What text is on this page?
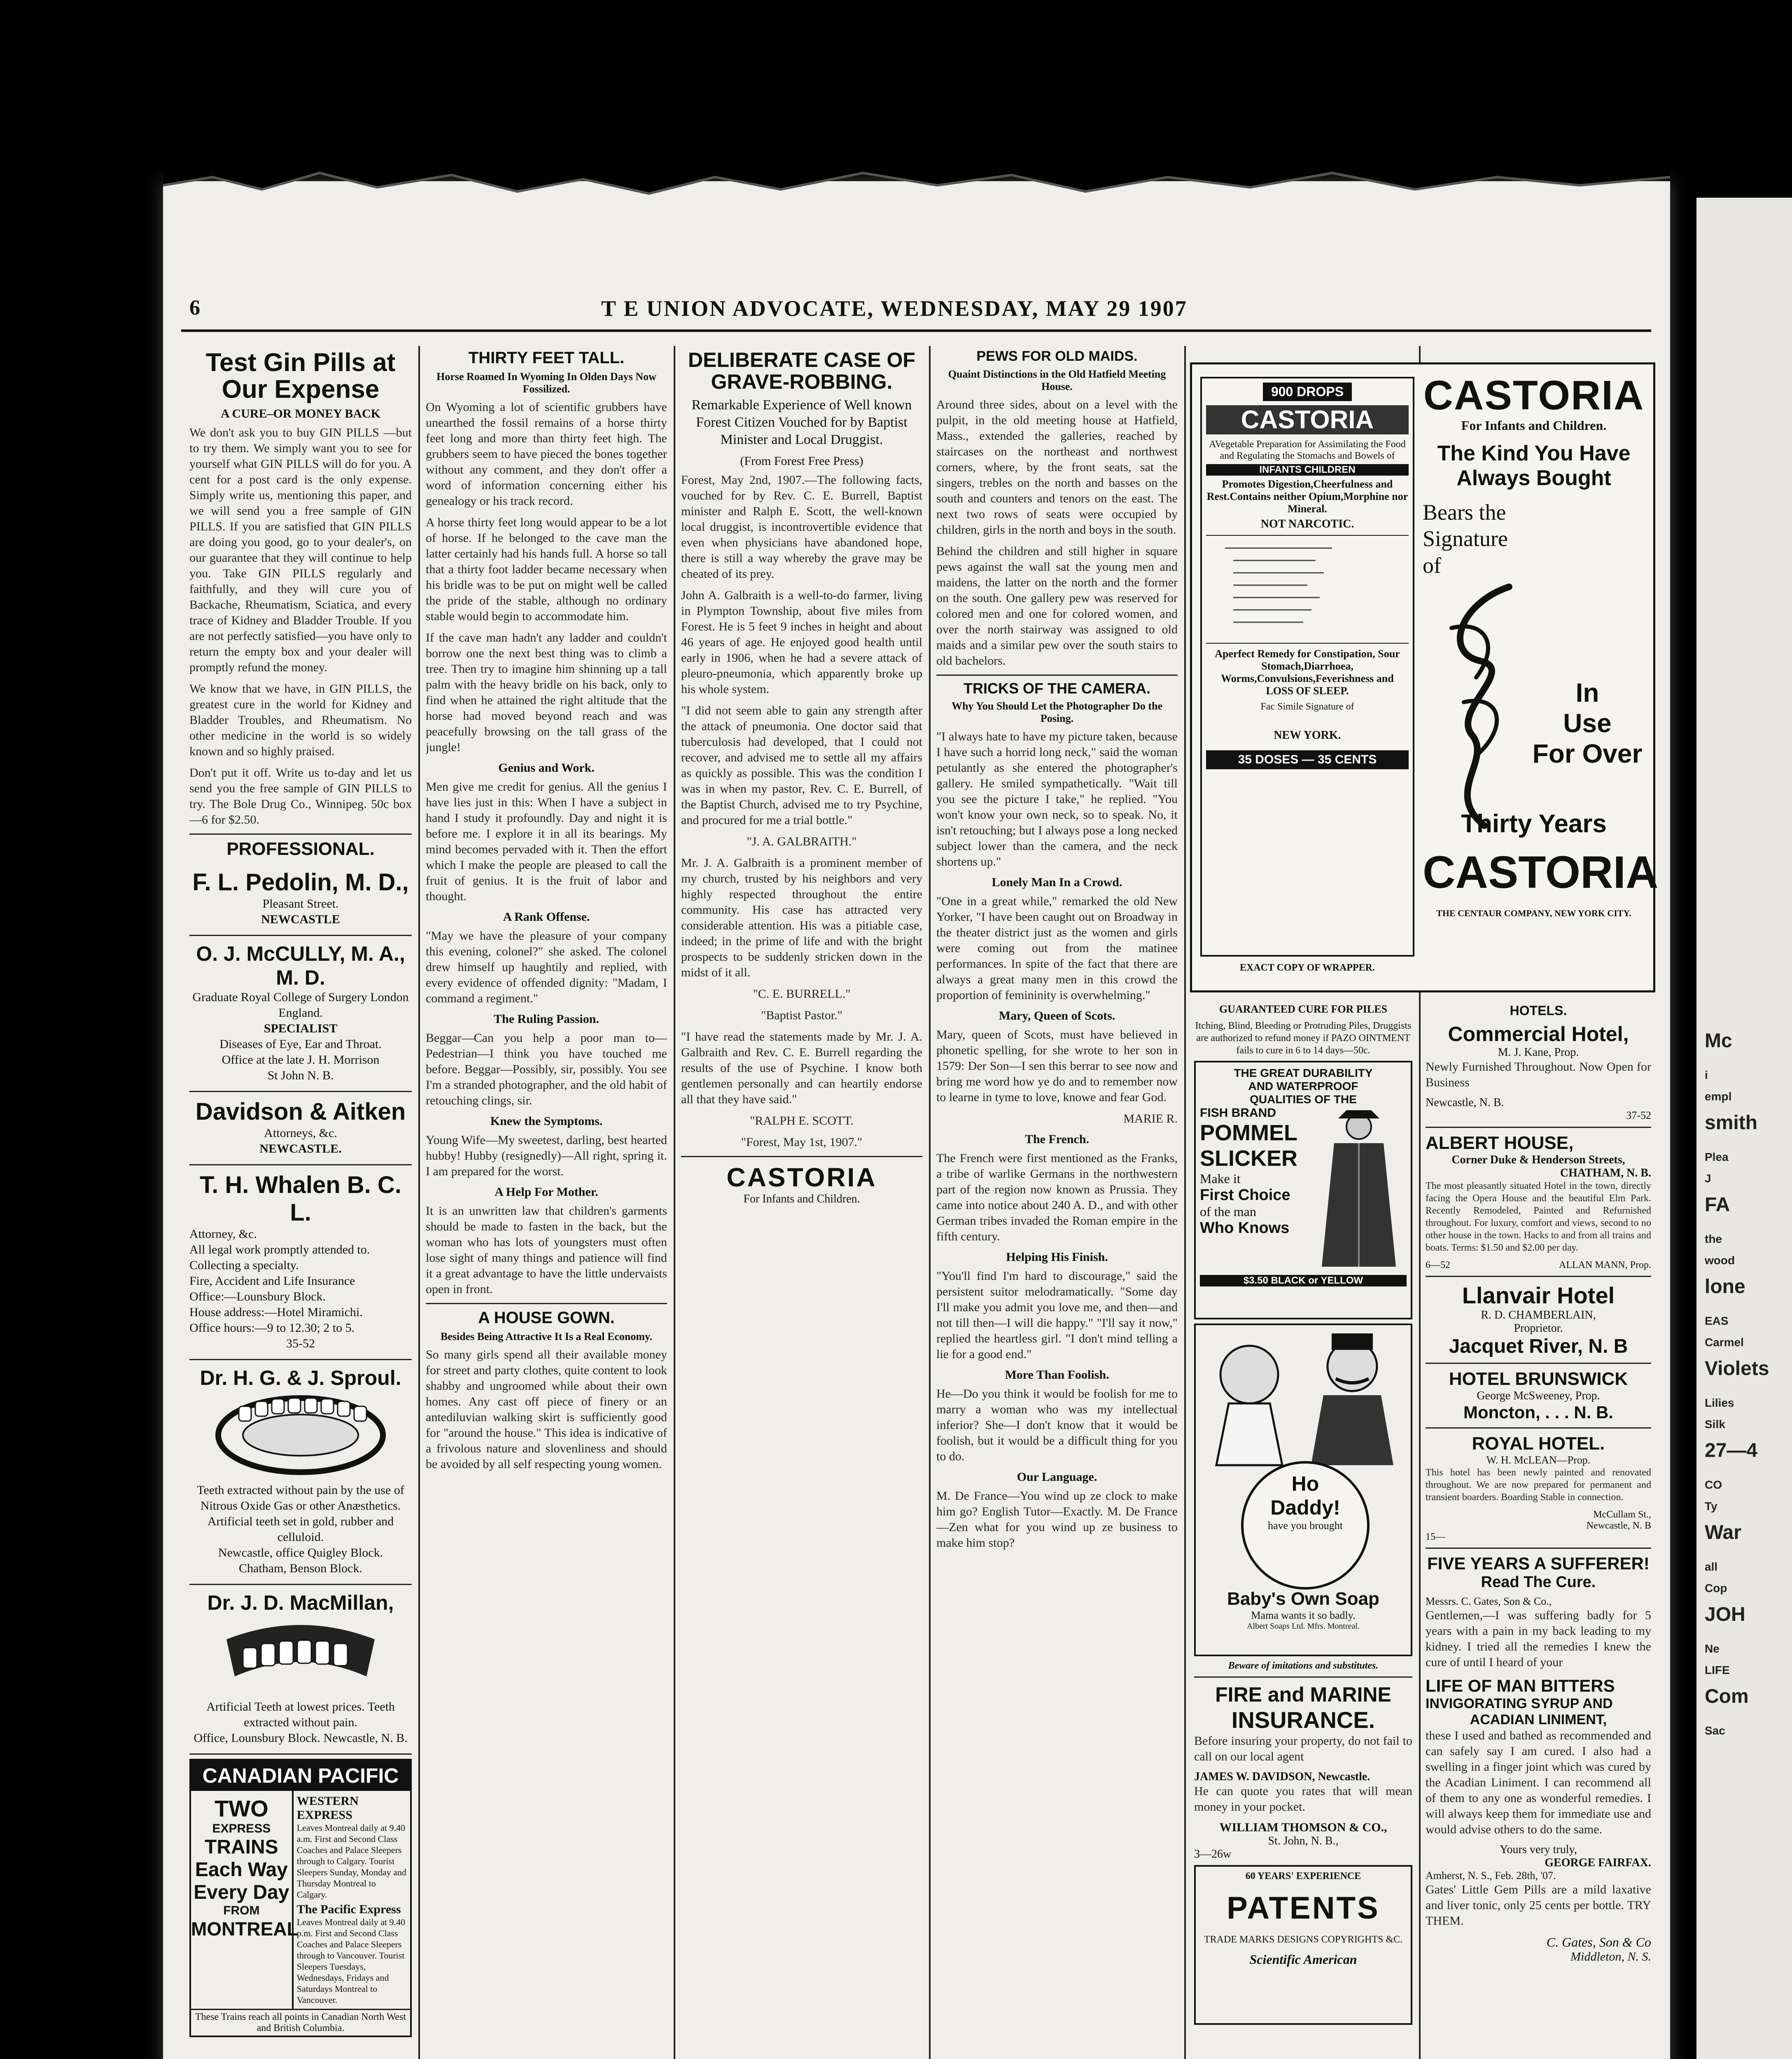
6	T E UNION ADVOCATE, WEDNESDAY, MAY 29 1907
Test Gin Pills at Our Expense
A CURE–OR MONEY BACK

We don't ask you to buy GIN PILLS —but to try them. We simply want you to see for yourself what GIN PILLS will do for you. A cent for a post card is the only expense. Simply write us, mentioning this paper, and we will send you a free sample of GIN PILLS. If you are satisfied that GIN PILLS are doing you good, go to your dealer's, on our guarantee that they will continue to help you. Take GIN PILLS regularly and faithfully, and they will cure you of Backache, Rheumatism, Sciatica, and every trace of Kidney and Bladder Trouble. If you are not perfectly satisfied—you have only to return the empty box and your dealer will promptly refund the money.

We know that we have, in GIN PILLS, the greatest cure in the world for Kidney and Bladder Troubles, and Rheumatism. No other medicine in the world is so widely known and so highly praised.

Don't put it off. Write us to-day and let us send you the free sample of GIN PILLS to try. The Bole Drug Co., Winnipeg. 50c box—6 for $2.50.

PROFESSIONAL.
F. L. Pedolin, M. D.,
Pleasant Street.
NEWCASTLE
O. J. McCULLY, M. A., M. D.
Graduate Royal College of Surgery London England.
SPECIALIST
Diseases of Eye, Ear and Throat.
Office at the late J. H. Morrison
St John N. B.
Davidson & Aitken
Attorneys, &c.
NEWCASTLE.
T. H. Whalen B. C. L.
Attorney, &c.
All legal work promptly attended to.
Collecting a specialty.
Fire, Accident and Life Insurance
Office:—Lounsbury Block.
House address:—Hotel Miramichi.
Office hours:—9 to 12.30; 2 to 5.
35-52
Dr. H. G. & J. Sproul.
Teeth extracted without pain by the use of Nitrous Oxide Gas or other Anæsthetics.
Artificial teeth set in gold, rubber and celluloid.
Newcastle, office Quigley Block.
Chatham, Benson Block.
Dr. J. D. MacMillan,
Artificial Teeth at lowest prices. Teeth extracted without pain.
Office, Lounsbury Block. Newcastle, N. B.
CANADIAN PACIFIC
TWO
EXPRESS
TRAINS
Each Way
Every Day
FROM
MONTREAL
WESTERN EXPRESS
Leaves Montreal daily at 9.40 a.m. First and Second Class Coaches and Palace Sleepers through to Calgary. Tourist Sleepers Sunday, Monday and Thursday Montreal to Calgary.
The Pacific Express
Leaves Montreal daily at 9.40 p.m. First and Second Class Coaches and Palace Sleepers through to Vancouver. Tourist Sleepers Tuesdays, Wednesdays, Fridays and Saturdays Montreal to Vancouver.
These Trains reach all points in Canadian North West and British Columbia.
THIRTY FEET TALL.
Horse Roamed In Wyoming In Olden Days Now Fossilized.

On Wyoming a lot of scientific grubbers have unearthed the fossil remains of a horse thirty feet long and more than thirty feet high. The grubbers seem to have pieced the bones together without any comment, and they don't offer a word of information concerning either his genealogy or his track record.

A horse thirty feet long would appear to be a lot of horse. If he belonged to the cave man the latter certainly had his hands full. A horse so tall that a thirty foot ladder became necessary when his bridle was to be put on might well be called the pride of the stable, although no ordinary stable would begin to accommodate him.

If the cave man hadn't any ladder and couldn't borrow one the next best thing was to climb a tree. Then try to imagine him shinning up a tall palm with the heavy bridle on his back, only to find when he attained the right altitude that the horse had moved beyond reach and was peacefully browsing on the tall grass of the jungle!

Genius and Work.

Men give me credit for genius. All the genius I have lies just in this: When I have a subject in hand I study it profoundly. Day and night it is before me. I explore it in all its bearings. My mind becomes pervaded with it. Then the effort which I make the people are pleased to call the fruit of genius. It is the fruit of labor and thought.

A Rank Offense.

"May we have the pleasure of your company this evening, colonel?" she asked. The colonel drew himself up haughtily and replied, with every evidence of offended dignity: "Madam, I command a regiment."

The Ruling Passion.

Beggar—Can you help a poor man to—Pedestrian—I think you have touched me before. Beggar—Possibly, sir, possibly. You see I'm a stranded photographer, and the old habit of retouching clings, sir.

Knew the Symptoms.

Young Wife—My sweetest, darling, best hearted hubby! Hubby (resignedly)—All right, spring it. I am prepared for the worst.

A Help For Mother.

It is an unwritten law that children's garments should be made to fasten in the back, but the woman who has lots of youngsters must often lose sight of many things and patience will find it a great advantage to have the little undervaists open in front.

A HOUSE GOWN.
Besides Being Attractive It Is a Real Economy.

So many girls spend all their available money for street and party clothes, quite content to look shabby and ungroomed while about their own homes. Any cast off piece of finery or an antediluvian walking skirt is sufficiently good for "around the house." This idea is indicative of a frivolous nature and slovenliness and should be avoided by all self respecting young women.

DELIBERATE CASE OF GRAVE-ROBBING.
Remarkable Experience of Well known Forest Citizen Vouched for by Baptist Minister and Local Druggist.
(From Forest Free Press)

Forest, May 2nd, 1907.—The following facts, vouched for by Rev. C. E. Burrell, Baptist minister and Ralph E. Scott, the well-known local druggist, is incontrovertible evidence that even when physicians have abandoned hope, there is still a way whereby the grave may be cheated of its prey.

John A. Galbraith is a well-to-do farmer, living in Plympton Township, about five miles from Forest. He is 5 feet 9 inches in height and about 46 years of age. He enjoyed good health until early in 1906, when he had a severe attack of pleuro-pneumonia, which apparently broke up his whole system.

"I did not seem able to gain any strength after the attack of pneumonia. One doctor said that tuberculosis had developed, that I could not recover, and advised me to settle all my affairs as quickly as possible. This was the condition I was in when my pastor, Rev. C. E. Burrell, of the Baptist Church, advised me to try Psychine, and procured for me a trial bottle."

"J. A. GALBRAITH."

Mr. J. A. Galbraith is a prominent member of my church, trusted by his neighbors and very highly respected throughout the entire community. His case has attracted very considerable attention. His was a pitiable case, indeed; in the prime of life and with the bright prospects to be suddenly stricken down in the midst of it all.

"C. E. BURRELL."
"Baptist Pastor."

"I have read the statements made by Mr. J. A. Galbraith and Rev. C. E. Burrell regarding the results of the use of Psychine. I know both gentlemen personally and can heartily endorse all that they have said."

"RALPH E. SCOTT.
"Forest, May 1st, 1907."
CASTORIA
For Infants and Children.
PEWS FOR OLD MAIDS.
Quaint Distinctions in the Old Hatfield Meeting House.

Around three sides, about on a level with the pulpit, in the old meeting house at Hatfield, Mass., extended the galleries, reached by staircases on the northeast and northwest corners, where, by the front seats, sat the singers, trebles on the north and basses on the south and counters and tenors on the east. The next two rows of seats were occupied by children, girls in the north and boys in the south.

Behind the children and still higher in square pews against the wall sat the young men and maidens, the latter on the north and the former on the south. One gallery pew was reserved for colored men and one for colored women, and over the north stairway was assigned to old maids and a similar pew over the south stairs to old bachelors.

TRICKS OF THE CAMERA.
Why You Should Let the Photographer Do the Posing.

"I always hate to have my picture taken, because I have such a horrid long neck," said the woman petulantly as she entered the photographer's gallery. He smiled sympathetically. "Wait till you see the picture I take," he replied. "You won't know your own neck, so to speak. No, it isn't retouching; but I always pose a long necked subject lower than the camera, and the neck shortens up."

Lonely Man In a Crowd.

"One in a great while," remarked the old New Yorker, "I have been caught out on Broadway in the theater district just as the women and girls were coming out from the matinee performances. In spite of the fact that there are always a great many men in this crowd the proportion of femininity is overwhelming."

Mary, Queen of Scots.

Mary, queen of Scots, must have believed in phonetic spelling, for she wrote to her son in 1579: Der Son—I sen this berrar to see now and bring me word how ye do and to remember now to learne in tyme to love, knowe and fear God.

MARIE R.
The French.

The French were first mentioned as the Franks, a tribe of warlike Germans in the northwestern part of the region now known as Prussia. They came into notice about 240 A. D., and with other German tribes invaded the Roman empire in the fifth century.

Helping His Finish.

"You'll find I'm hard to discourage," said the persistent suitor melodramatically. "Some day I'll make you admit you love me, and then—and not till then—I will die happy." "I'll say it now," replied the heartless girl. "I don't mind telling a lie for a good end."

More Than Foolish.

He—Do you think it would be foolish for me to marry a woman who was my intellectual inferior? She—I don't know that it would be foolish, but it would be a difficult thing for you to do.

Our Language.

M. De France—You wind up ze clock to make him go? English Tutor—Exactly. M. De France—Zen what for you wind up ze business to make him stop?

900 DROPS
CASTORIA
AVegetable Preparation for Assimilating the Food and Regulating the Stomachs and Bowels of
INFANTS CHILDREN
Promotes Digestion,Cheerfulness and Rest.Contains neither Opium,Morphine nor Mineral.
NOT NARCOTIC.
Aperfect Remedy for Constipation, Sour Stomach,Diarrhoea, Worms,Convulsions,Feverishness and LOSS OF SLEEP.
Fac Simile Signature of
NEW YORK.
35 DOSES — 35 CENTS
EXACT COPY OF WRAPPER.
CASTORIA
For Infants and Children.
The Kind You Have Always Bought
Bears the Signature of
In
Use
For Over
Thirty Years
CASTORIA
THE CENTAUR COMPANY, NEW YORK CITY.
GUARANTEED CURE FOR PILES
Itching, Blind, Bleeding or Protruding Piles, Druggists are authorized to refund money if PAZO OINTMENT fails to cure in 6 to 14 days—50c.
THE GREAT DURABILITY
AND WATERPROOF
QUALITIES OF THE
FISH BRAND
POMMEL
SLICKER
Make it
First Choice
of the man
Who Knows
$3.50 BLACK or YELLOW
Ho
Daddy!
have you brought
Baby's Own Soap
Mama wants it so badly.
Albert Soaps Ltd. Mfrs. Montreal.
Beware of imitations and substitutes.
FIRE and MARINE
INSURANCE.

Before insuring your property, do not fail to call on our local agent

JAMES W. DAVIDSON, Newcastle.

He can quote you rates that will mean money in your pocket.

WILLIAM THOMSON & CO.,
St. John, N. B.,
3—26w
60 YEARS' EXPERIENCE
PATENTS
TRADE MARKS DESIGNS COPYRIGHTS &C.
Scientific American
HOTELS.
Commercial Hotel,
M. J. Kane, Prop.

Newly Furnished Throughout. Now Open for Business

Newcastle, N. B.
37-52
ALBERT HOUSE,
Corner Duke & Henderson Streets,
CHATHAM, N. B.

The most pleasantly situated Hotel in the town, directly facing the Opera House and the beautiful Elm Park. Recently Remodeled, Painted and Refurnished throughout. For luxury, comfort and views, second to no other house in the town. Hacks to and from all trains and boats. Terms: $1.50 and $2.00 per day.

6—52	ALLAN MANN, Prop.
Llanvair Hotel
R. D. CHAMBERLAIN,
Proprietor.
Jacquet River, N. B
HOTEL BRUNSWICK
George McSweeney, Prop.
Moncton, . . . N. B.
ROYAL HOTEL.
W. H. McLEAN—Prop.

This hotel has been newly painted and renovated throughout. We are now prepared for permanent and transient boarders. Boarding Stable in connection.

McCullam St.,
Newcastle, N. B
15—
FIVE YEARS A SUFFERER!
Read The Cure.
Messrs. C. Gates, Son & Co.,

Gentlemen,—I was suffering badly for 5 years with a pain in my back leading to my kidney. I tried all the remedies I knew the cure of until I heard of your

LIFE OF MAN BITTERS
INVIGORATING SYRUP AND
ACADIAN LINIMENT,

these I used and bathed as recommended and can safely say I am cured. I also had a swelling in a finger joint which was cured by the Acadian Liniment. I can recommend all of them to any one as wonderful remedies. I will always keep them for immediate use and would advise others to do the same.

Yours very truly,
GEORGE FAIRFAX.
Amherst, N. S., Feb. 28th, '07.

Gates' Little Gem Pills are a mild laxative and liver tonic, only 25 cents per bottle. TRY THEM.

C. Gates, Son & Co
Middleton, N. S.
Mc
i
empl
smith
Plea
J
FA
the
wood
lone
EAS
Carmel
Violets
Lilies
Silk
27—4
CO
Ty
War
all
Cop
JOH
Ne
LIFE
Com
Sac
